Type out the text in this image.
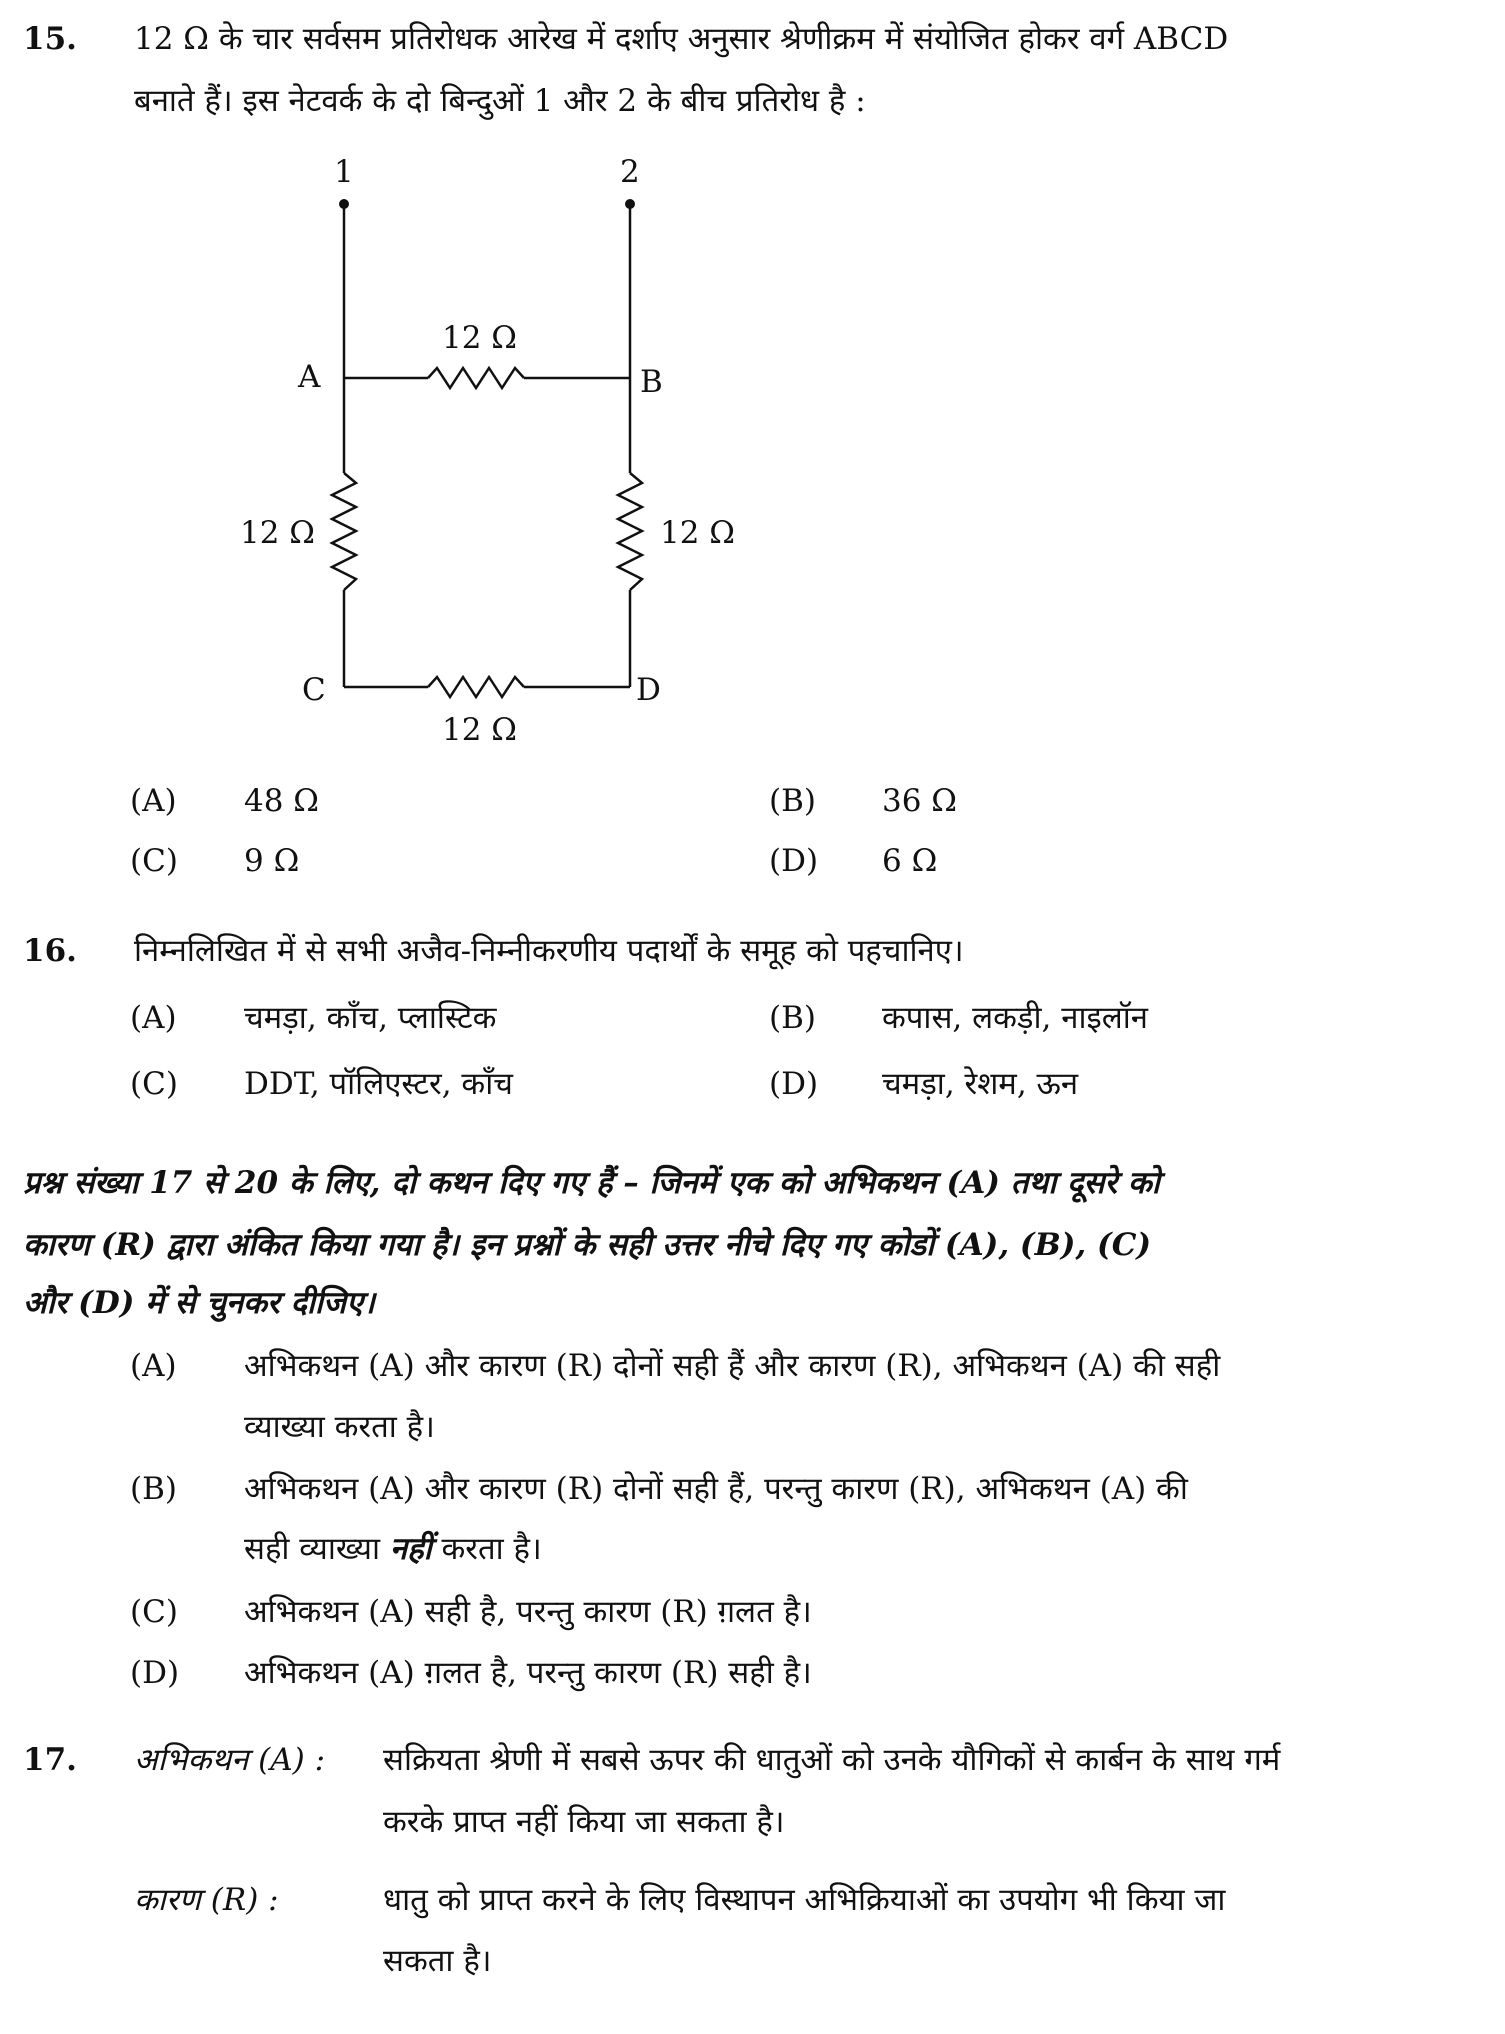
15. 12 Ω के चार सर्वसम प्रतिरोधक आरेख में दर्शाए अनुसार श्रेणीक्रम में संयोजित होकर वर्ग ABCD
बनाते हैं। इस नेटवर्क के दो बिन्दुओं 1 और 2 के बीच प्रतिरोध है :
1	2
A	B
C	D
12 Ω
12 Ω	12 Ω
12 Ω
(A) 48 Ω	(B) 36 Ω
(C) 9 Ω	(D) 6 Ω
16. निम्नलिखित में से सभी अजैव-निम्नीकरणीय पदार्थों के समूह को पहचानिए।
(A) चमड़ा, काँच, प्लास्टिक	(B) कपास, लकड़ी, नाइलॉन
(C) DDT, पॉलिएस्टर, काँच	(D) चमड़ा, रेशम, ऊन
प्रश्न संख्या 17 से 20 के लिए, दो कथन दिए गए हैं – जिनमें एक को अभिकथन (A) तथा दूसरे को
कारण (R) द्वारा अंकित किया गया है। इन प्रश्नों के सही उत्तर नीचे दिए गए कोडों (A), (B), (C)
और (D) में से चुनकर दीजिए।
(A) अभिकथन (A) और कारण (R) दोनों सही हैं और कारण (R), अभिकथन (A) की सही
व्याख्या करता है।
(B) अभिकथन (A) और कारण (R) दोनों सही हैं, परन्तु कारण (R), अभिकथन (A) की
सही व्याख्या नहीं करता है।
(C) अभिकथन (A) सही है, परन्तु कारण (R) ग़लत है।
(D) अभिकथन (A) ग़लत है, परन्तु कारण (R) सही है।
17. अभिकथन (A) : सक्रियता श्रेणी में सबसे ऊपर की धातुओं को उनके यौगिकों से कार्बन के साथ गर्म
करके प्राप्त नहीं किया जा सकता है।
कारण (R) :	धातु को प्राप्त करने के लिए विस्थापन अभिक्रियाओं का उपयोग भी किया जा
सकता है।
